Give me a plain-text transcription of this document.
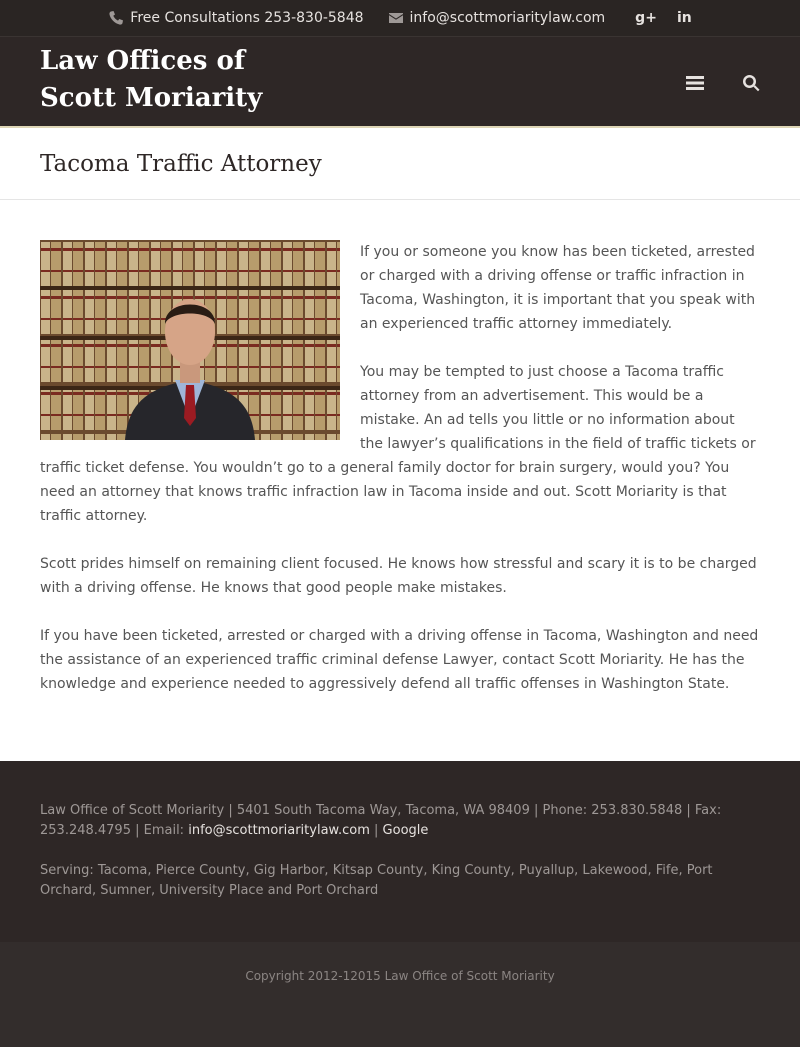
Free Consultations 253-830-5848	info@scottmoriaritylaw.com g+ in
Law Offices of
Scott Moriarity
Tacoma Traffic Attorney

If you or someone you know has been ticketed, arrested or charged with a driving offense or traffic infraction in Tacoma, Washington, it is important that you speak with an experienced traffic attorney immediately.

You may be tempted to just choose a Tacoma traffic attorney from an advertisement. This would be a mistake. An ad tells you little or no information about the lawyer’s qualifications in the field of traffic tickets or traffic ticket defense. You wouldn’t go to a general family doctor for brain surgery, would you? You need an attorney that knows traffic infraction law in Tacoma inside and out. Scott Moriarity is that traffic attorney.

Scott prides himself on remaining client focused. He knows how stressful and scary it is to be charged with a driving offense. He knows that good people make mistakes.

If you have been ticketed, arrested or charged with a driving offense in Tacoma, Washington and need the assistance of an experienced traffic criminal defense Lawyer, contact Scott Moriarity. He has the knowledge and experience needed to aggressively defend all traffic offenses in Washington State.

Law Office of Scott Moriarity | 5401 South Tacoma Way, Tacoma, WA 98409 | Phone: 253.830.5848 | Fax: 253.248.4795 | Email: info@scottmoriaritylaw.com | Google

Serving: Tacoma, Pierce County, Gig Harbor, Kitsap County, King County, Puyallup, Lakewood, Fife, Port Orchard, Sumner, University Place and Port Orchard

Copyright 2012-12015 Law Office of Scott Moriarity
